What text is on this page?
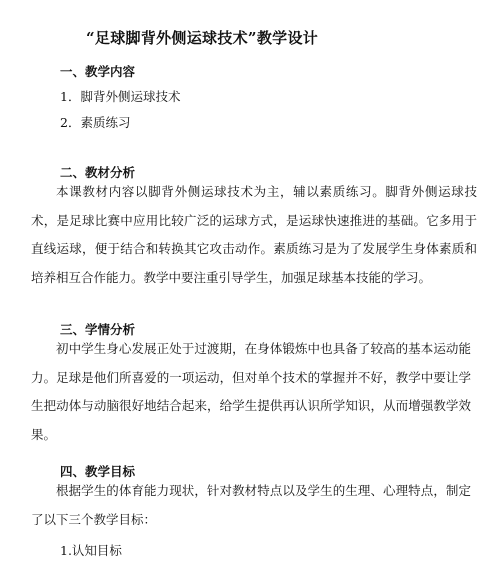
“足球脚背外侧运球技术”教学设计
一、教学内容
1．脚背外侧运球技术
2．素质练习
二、教材分析

本课教材内容以脚背外侧运球技术为主，辅以素质练习。脚背外侧运球技术，是足球比赛中应用比较广泛的运球方式，是运球快速推进的基础。它多用于直线运球，便于结合和转换其它攻击动作。素质练习是为了发展学生身体素质和培养相互合作能力。教学中要注重引导学生，加强足球基本技能的学习。

三、学情分析

初中学生身心发展正处于过渡期，在身体锻炼中也具备了较高的基本运动能力。足球是他们所喜爱的一项运动，但对单个技术的掌握并不好，教学中要让学生把动体与动脑很好地结合起来，给学生提供再认识所学知识，从而增强教学效果。

四、教学目标

根据学生的体育能力现状，针对教材特点以及学生的生理、心理特点，制定了以下三个教学目标：

1.认知目标
